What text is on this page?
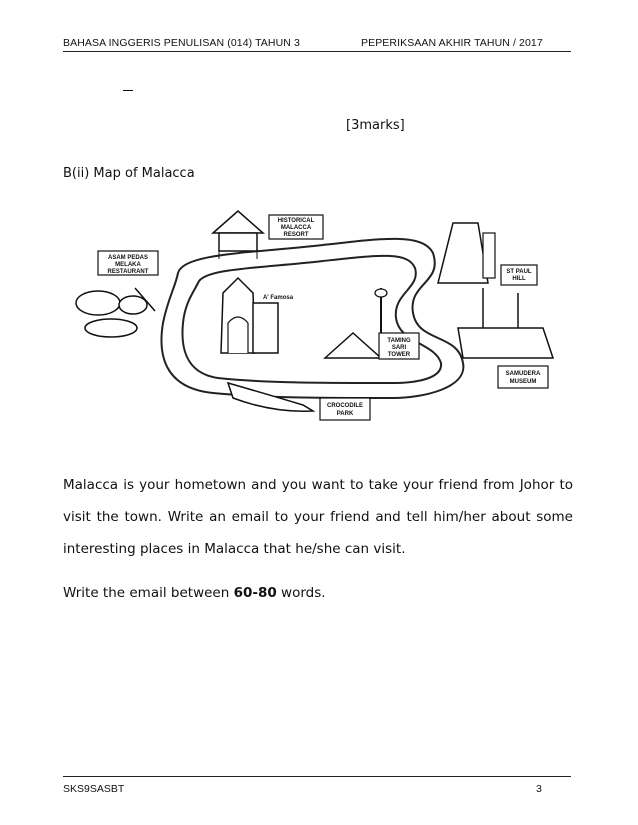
BAHASA INGGERIS PENULISAN (014) TAHUN 3	PEPERIKSAAN AKHIR TAHUN / 2017
[3marks]
B(ii) Map of Malacca
HISTORICAL
MALACCA
RESORT
ASAM PEDAS
MELAKA
RESTAURANT
A' Famosa
TAMING
SARI
TOWER
ST PAUL
HILL
SAMUDERA
MUSEUM
CROCODILE
PARK
Malacca is your hometown and you want to take your friend from Johor to visit the town. Write an email to your friend and tell him/her about some interesting places in Malacca that he/she can visit.
Write the email between 60-80 words.
SKS9SASBT	3
